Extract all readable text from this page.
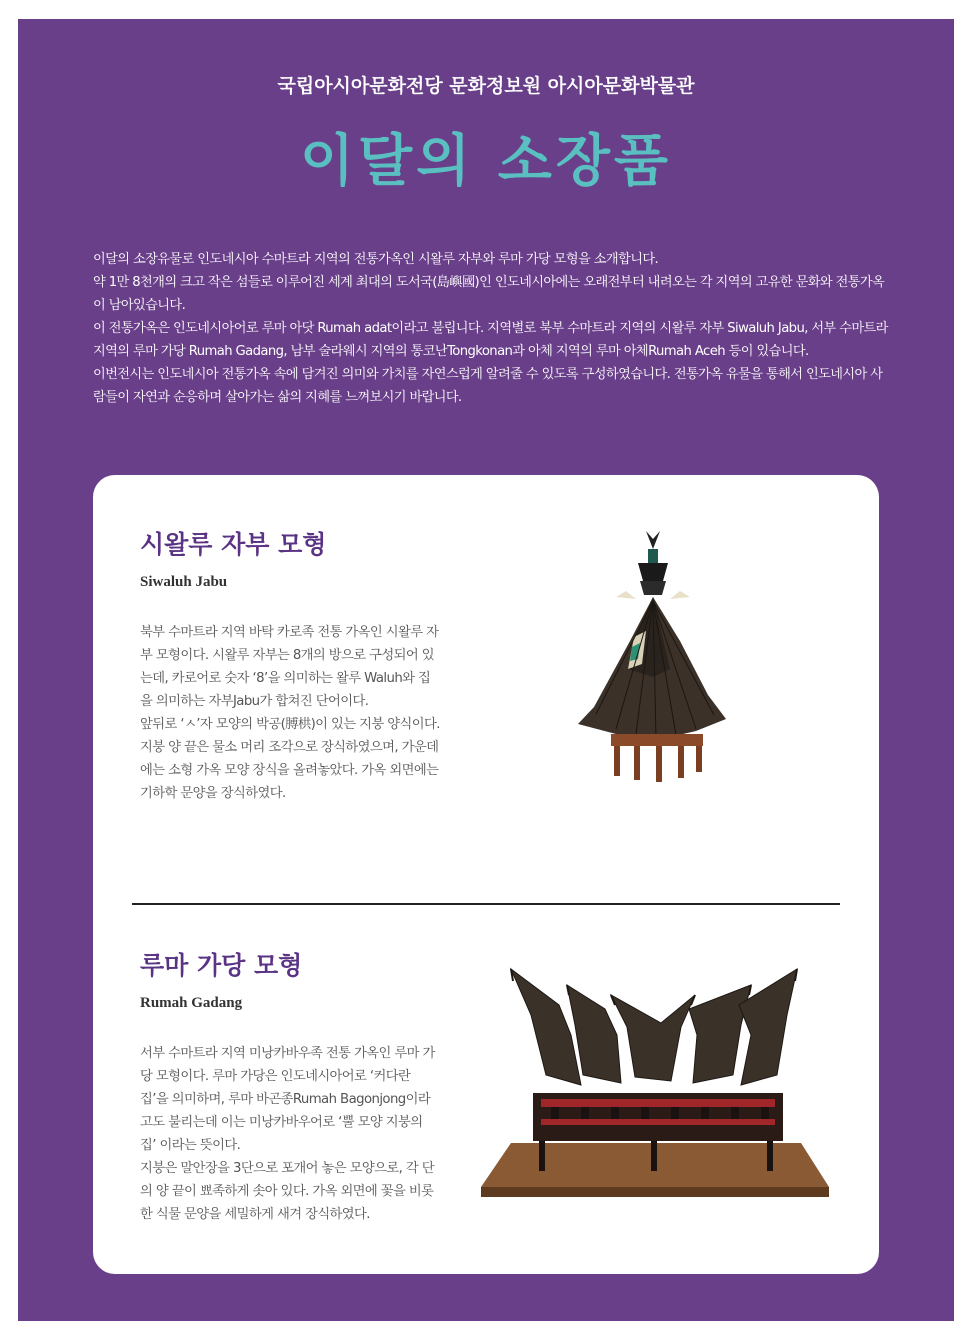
국립아시아문화전당 문화정보원 아시아문화박물관
이달의 소장품

이달의 소장유물로 인도네시아 수마트라 지역의 전통가옥인 시왈루 자부와 루마 가당 모형을 소개합니다.

약 1만 8천개의 크고 작은 섬들로 이루어진 세계 최대의 도서국(島嶼國)인 인도네시아에는 오래전부터 내려오는 각 지역의 고유한 문화와 전통가옥이 남아있습니다.

이 전통가옥은 인도네시아어로 루마 아닷 Rumah adat이라고 불립니다. 지역별로 북부 수마트라 지역의 시왈루 자부 Siwaluh Jabu, 서부 수마트라 지역의 루마 가당 Rumah Gadang, 남부 술라웨시 지역의 통코난Tongkonan과 아체 지역의 루마 아체Rumah Aceh 등이 있습니다.

이번전시는 인도네시아 전통가옥 속에 담겨진 의미와 가치를 자연스럽게 알려줄 수 있도록 구성하였습니다. 전통가옥 유물을 통해서 인도네시아 사람들이 자연과 순응하며 살아가는 삶의 지혜를 느껴보시기 바랍니다.

시왈루 자부 모형
Siwaluh Jabu

북부 수마트라 지역 바탁 카로족 전통 가옥인 시왈루 자부 모형이다. 시왈루 자부는 8개의 방으로 구성되어 있는데, 카로어로 숫자 ‘8’을 의미하는 왈루 Waluh와 집을 의미하는 자부Jabu가 합쳐진 단어이다.

앞뒤로 ‘ㅅ’자 모양의 박공(膊栱)이 있는 지붕 양식이다. 지붕 양 끝은 물소 머리 조각으로 장식하였으며, 가운데에는 소형 가옥 모양 장식을 올려놓았다. 가옥 외면에는 기하학 문양을 장식하였다.

루마 가당 모형
Rumah Gadang

서부 수마트라 지역 미낭카바우족 전통 가옥인 루마 가당 모형이다. 루마 가당은 인도네시아어로 ‘커다란 집’을 의미하며, 루마 바곤종Rumah Bagonjong이라고도 불리는데 이는 미낭카바우어로 ‘뿔 모양 지붕의 집’ 이라는 뜻이다.

지붕은 말안장을 3단으로 포개어 놓은 모양으로, 각 단의 양 끝이 뾰족하게 솟아 있다. 가옥 외면에 꽃을 비롯한 식물 문양을 세밀하게 새겨 장식하였다.
